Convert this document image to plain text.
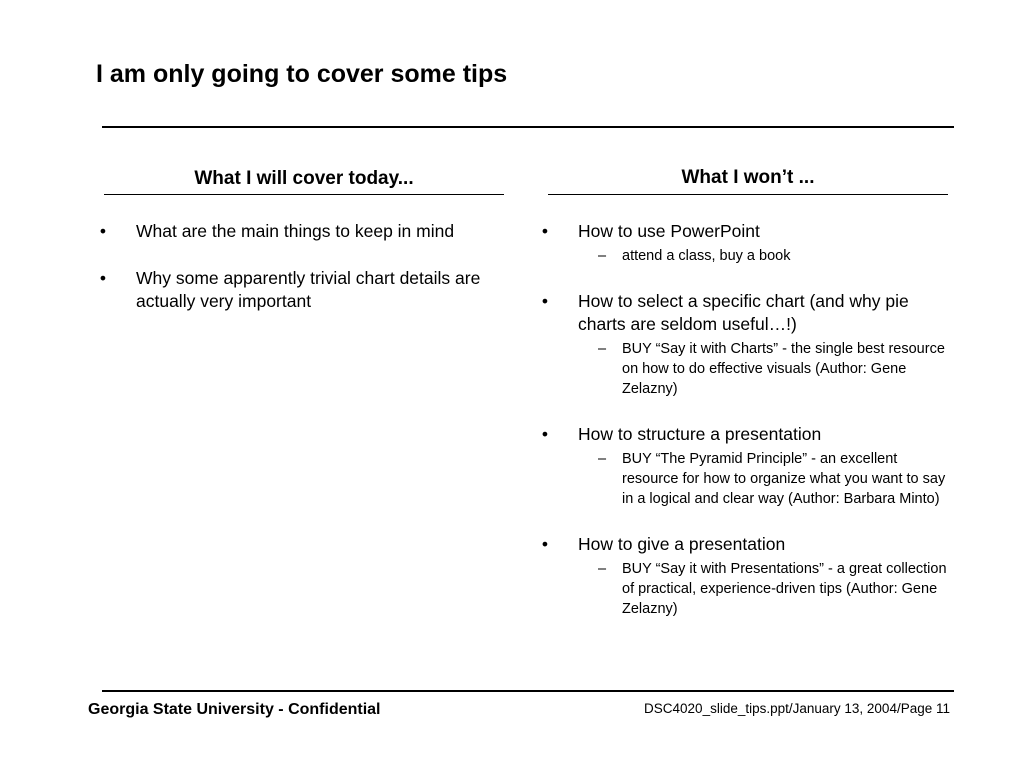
I am only going to cover some tips
What I will cover today...
• What are the main things to keep in mind
• Why some apparently trivial chart details are actually very important
What I won’t ...
• How to use PowerPoint
–	attend a class, buy a book
• How to select a specific chart (and why pie charts are seldom useful…!)
–	BUY “Say it with Charts” - the single best resource on how to do effective visuals (Author: Gene Zelazny)
• How to structure a presentation
–	BUY “The Pyramid Principle” - an excellent resource for how to organize what you want to say in a logical and clear way (Author: Barbara Minto)
• How to give a presentation
–	BUY “Say it with Presentations” - a great collection of practical, experience-driven tips (Author: Gene Zelazny)
Georgia State University - Confidential	DSC4020_slide_tips.ppt/January 13, 2004/Page 11
